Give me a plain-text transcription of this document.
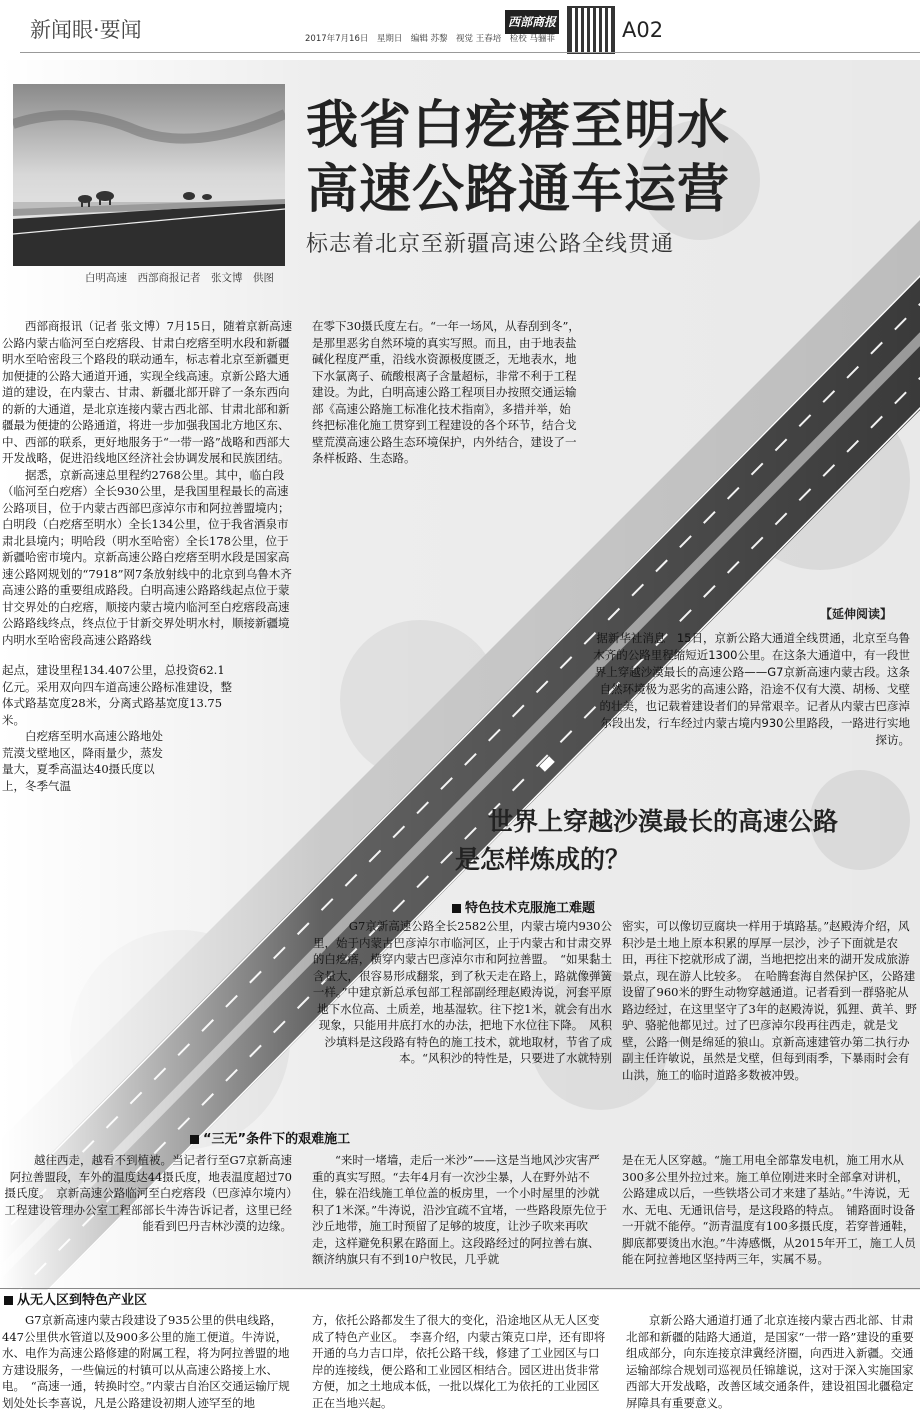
新闻眼·要闻	2017年7月16日　星期日　编辑 苏黎　视觉 王春培　检校 马骊菲
西部商报	A02
白明高速　西部商报记者　张文博　供图
我省白疙瘩至明水
高速公路通车运营
标志着北京至新疆高速公路全线贯通

西部商报讯（记者 张文博）7月15日，随着京新高速公路内蒙古临河至白疙瘩段、甘肃白疙瘩至明水段和新疆明水至哈密段三个路段的联动通车，标志着北京至新疆更加便捷的公路大通道开通，实现全线高速。京新公路大通道的建设，在内蒙古、甘肃、新疆北部开辟了一条东西向的新的大通道，是北京连接内蒙古西北部、甘肃北部和新疆最为便捷的公路通道，将进一步加强我国北方地区东、中、西部的联系，更好地服务于“一带一路”战略和西部大开发战略，促进沿线地区经济社会协调发展和民族团结。

据悉，京新高速总里程约2768公里。其中，临白段（临河至白疙瘩）全长930公里，是我国里程最长的高速公路项目，位于内蒙古西部巴彦淖尔市和阿拉善盟境内；白明段（白疙瘩至明水）全长134公里，位于我省酒泉市肃北县境内；明哈段（明水至哈密）全长178公里，位于新疆哈密市境内。京新高速公路白疙瘩至明水段是国家高速公路网规划的“7918”网7条放射线中的北京到乌鲁木齐高速公路的重要组成路段。白明高速公路路线起点位于蒙甘交界处的白疙瘩，顺接内蒙古境内临河至白疙瘩段高速公路路线终点，终点位于甘新交界处明水村，顺接新疆境内明水至哈密段高速公路路线

起点，建设里程134.407公里，总投资62.1亿元。采用双向四车道高速公路标准建设，整体式路基宽度28米，分离式路基宽度13.75米。

白疙瘩至明水高速公路地处荒漠戈壁地区，降雨量少，蒸发量大，夏季高温达40摄氏度以上，冬季气温

在零下30摄氏度左右。“一年一场风，从春刮到冬”，是那里恶劣自然环境的真实写照。而且，由于地表盐碱化程度严重，沿线水资源极度匮乏，无地表水，地下水氯离子、硫酸根离子含量超标，非常不利于工程建设。为此，白明高速公路工程项目办按照交通运输部《高速公路施工标准化技术指南》，多措并举，始终把标准化施工贯穿到工程建设的各个环节，结合戈壁荒漠高速公路生态环境保护，内外结合，建设了一条样板路、生态路。

【延伸阅读】

据新华社消息　15日，京新公路大通道全线贯通，北京至乌鲁木齐的公路里程缩短近1300公里。在这条大通道中，有一段世界上穿越沙漠最长的高速公路——G7京新高速内蒙古段。这条自然环境极为恶劣的高速公路，沿途不仅有大漠、胡杨、戈壁的壮美，也记载着建设者们的异常艰辛。记者从内蒙古巴彦淖尔段出发，行车经过内蒙古境内930公里路段，一路进行实地探访。

世界上穿越沙漠最长的高速公路
是怎样炼成的？
特色技术克服施工难题

G7京新高速公路全长2582公里，内蒙古境内930公里，始于内蒙古巴彦淖尔市临河区，止于内蒙古和甘肃交界的白疙瘩，横穿内蒙古巴彦淖尔市和阿拉善盟。　“如果黏土含量大，很容易形成翻浆，到了秋天走在路上，路就像弹簧一样。”中建京新总承包部工程部副经理赵殿涛说，河套平原地下水位高、土质差，地基湿软。往下挖1米，就会有出水现象，只能用井底打水的办法，把地下水位往下降。　风积沙填料是这段路有特色的施工技术，就地取材，节省了成本。“风积沙的特性是，只要进了水就特别

密实，可以像切豆腐块一样用于填路基。”赵殿涛介绍，风积沙是土地上原本积累的厚厚一层沙，沙子下面就是农田，再往下挖就形成了湖，当地把挖出来的湖开发成旅游景点，现在游人比较多。　在哈腾套海自然保护区，公路建设留了960米的野生动物穿越通道。记者看到一群骆驼从路边经过，在这里坚守了3年的赵殿涛说，狐狸、黄羊、野驴、骆驼他都见过。过了巴彦淖尔段再往西走，就是戈壁，公路一侧是绵延的狼山。京新高速建管办第二执行办副主任许敏说，虽然是戈壁，但每到雨季，下暴雨时会有山洪，施工的临时道路多数被冲毁。

“三无”条件下的艰难施工

越往西走，越看不到植被。当记者行至G7京新高速阿拉善盟段，车外的温度达44摄氏度，地表温度超过70摄氏度。　京新高速公路临河至白疙瘩段（巴彦淖尔境内）工程建设管理办公室工程部部长牛涛告诉记者，这里已经能看到巴丹吉林沙漠的边缘。

“来时一堵墙，走后一米沙”——这是当地风沙灾害严重的真实写照。“去年4月有一次沙尘暴，人在野外站不住，躲在沿线施工单位盖的板房里，一个小时屋里的沙就积了1米深。”牛涛说，沿沙宜疏不宜堵，一些路段原先位于沙丘地带，施工时预留了足够的坡度，让沙子吹来再吹走，这样避免积累在路面上。这段路经过的阿拉善右旗、额济纳旗只有不到10户牧民，几乎就

是在无人区穿越。“施工用电全部靠发电机，施工用水从300多公里外拉过来。施工单位刚进来时全部拿对讲机，公路建成以后，一些铁塔公司才来建了基站。”牛涛说，无水、无电、无通讯信号，是这段路的特点。　铺路面时设备一开就不能停。“沥青温度有100多摄氏度，若穿普通鞋，脚底都要烫出水泡。”牛涛感慨，从2015年开工，施工人员能在阿拉善地区坚持两三年，实属不易。

从无人区到特色产业区

G7京新高速内蒙古段建设了935公里的供电线路，447公里供水管道以及900多公里的施工便道。牛涛说，水、电作为高速公路修建的附属工程，将为阿拉善盟的地方建设服务，一些偏远的村镇可以从高速公路接上水、电。　“高速一通，转换时空。”内蒙古自治区交通运输厅规划处处长李喜说，凡是公路建设初期人迹罕至的地

方，依托公路都发生了很大的变化，沿途地区从无人区变成了特色产业区。　李喜介绍，内蒙古策克口岸，还有即将开通的乌力吉口岸，依托公路干线，修建了工业园区与口岸的连接线，便公路和工业园区相结合。园区进出货非常方便，加之土地成本低，一批以煤化工为依托的工业园区正在当地兴起。

京新公路大通道打通了北京连接内蒙古西北部、甘肃北部和新疆的陆路大通道，是国家“一带一路”建设的重要组成部分，向东连接京津冀经济圈，向西进入新疆。交通运输部综合规划司巡视员任锦雄说，这对于深入实施国家西部大开发战略，改善区域交通条件，建设祖国北疆稳定屏障具有重要意义。
